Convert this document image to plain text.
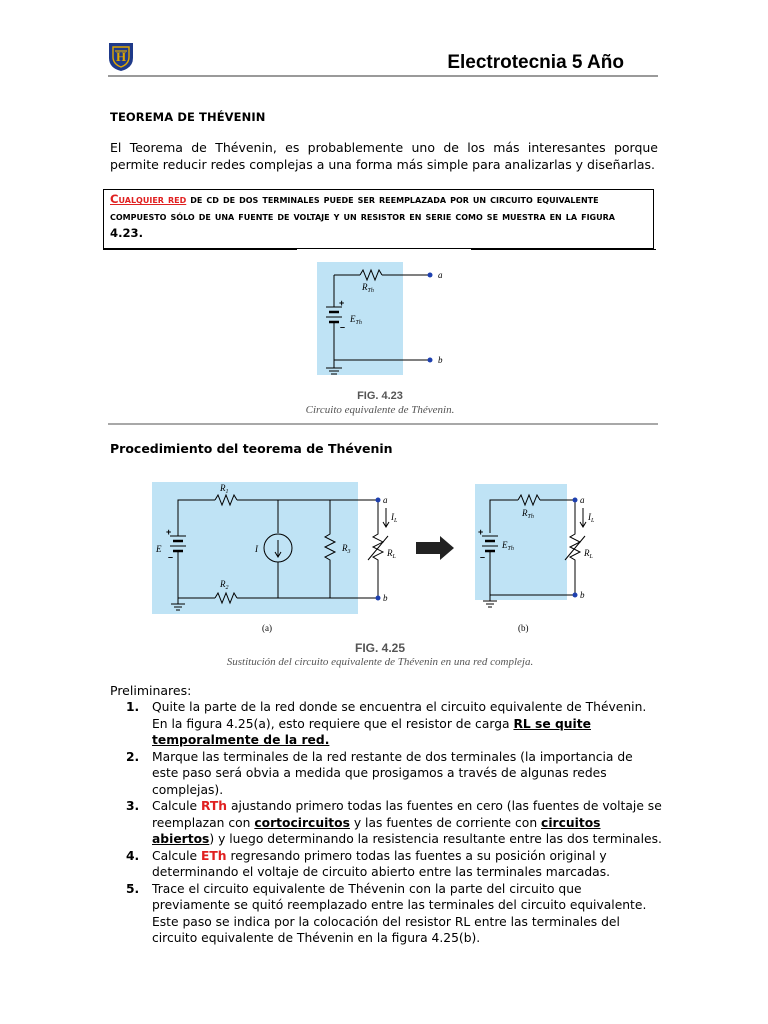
H	Electrotecnia 5 Año
TEOREMA DE THÉVENIN
El Teorema de Thévenin, es probablemente uno de los más interesantes porque permite reducir redes complejas a una forma más simple para analizarlas y diseñarlas.
Cualquier red de cd de dos terminales puede ser reemplazada por un circuito equivalente compuesto sólo de una fuente de voltaje y un resistor en serie como se muestra en la figura 4.23.
$R_{Th}$
$E_{Th}$
+
–
a
b
FIG. 4.23
Circuito equivalente de Thévenin.
Procedimiento del teorema de Thévenin
$R_1$
$R_2$
$R_3$	$R_L$
$I_L$
E	I
a
b
$R_{Th}$
$E_{Th}$	$R_L$
$I_L$
a
b
+
–
+
–
(a)	(b)
FIG. 4.25
Sustitución del circuito equivalente de Thévenin en una red compleja.
Preliminares:
1. Quite la parte de la red donde se encuentra el circuito equivalente de Thévenin. En la figura 4.25(a), esto requiere que el resistor de carga RL se quite temporalmente de la red.
2. Marque las terminales de la red restante de dos terminales (la importancia de este paso será obvia a medida que prosigamos a través de algunas redes complejas).
3. Calcule RTh ajustando primero todas las fuentes en cero (las fuentes de voltaje se reemplazan con cortocircuitos y las fuentes de corriente con circuitos abiertos) y luego determinando la resistencia resultante entre las dos terminales.
4. Calcule ETh regresando primero todas las fuentes a su posición original y determinando el voltaje de circuito abierto entre las terminales marcadas.
5. Trace el circuito equivalente de Thévenin con la parte del circuito que previamente se quitó reemplazado entre las terminales del circuito equivalente. Este paso se indica por la colocación del resistor RL entre las terminales del circuito equivalente de Thévenin en la figura 4.25(b).
